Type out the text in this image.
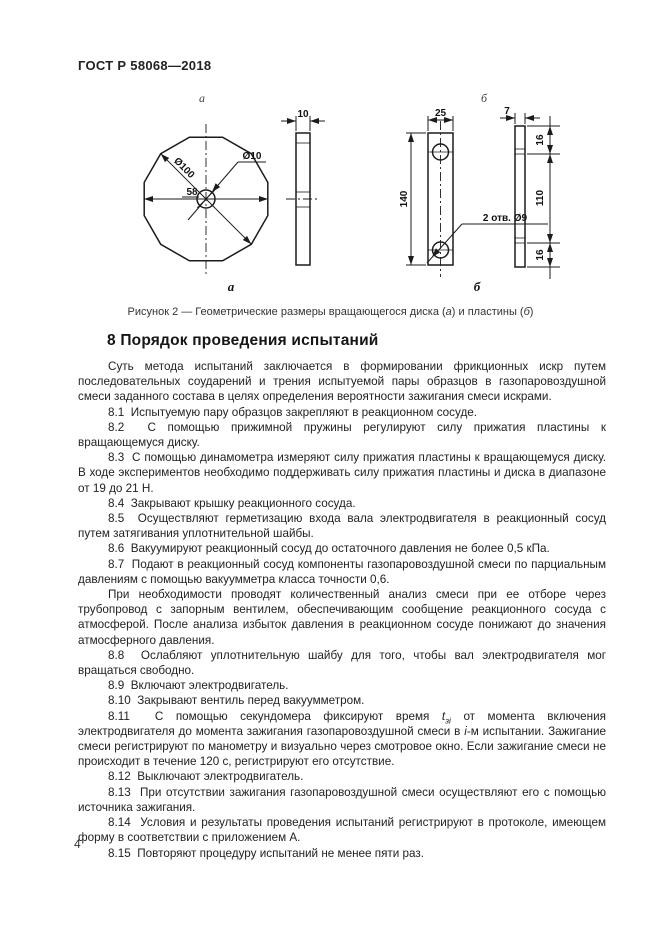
ГОСТ Р 58068—2018
а	б
Ø100	Ø10
58
10	25
140
2 отв. Ø9
7
16
110
16
а	б
Рисунок 2 — Геометрические размеры вращающегося диска (а) и пластины (б)
8 Порядок проведения испытаний

Суть метода испытаний заключается в формировании фрикционных искр путем последовательных соударений и трения испытуемой пары образцов в газопаровоздушной смеси заданного состава в целях определения вероятности зажигания смеси искрами.

8.1  Испытуемую пару образцов закрепляют в реакционном сосуде.

8.2  С помощью прижимной пружины регулируют силу прижатия пластины к вращающемуся диску.

8.3  С помощью динамометра измеряют силу прижатия пластины к вращающемуся диску. В ходе экспериментов необходимо поддерживать силу прижатия пластины и диска в диапазоне от 19 до 21 Н.

8.4  Закрывают крышку реакционного сосуда.

8.5  Осуществляют герметизацию входа вала электродвигателя в реакционный сосуд путем затягивания уплотнительной шайбы.

8.6  Вакуумируют реакционный сосуд до остаточного давления не более 0,5 кПа.

8.7  Подают в реакционный сосуд компоненты газопаровоздушной смеси по парциальным давлениям с помощью вакуумметра класса точности 0,6.

При необходимости проводят количественный анализ смеси при ее отборе через трубопровод с запорным вентилем, обеспечивающим сообщение реакционного сосуда с атмосферой. После анализа избыток давления в реакционном сосуде понижают до значения атмосферного давления.

8.8  Ослабляют уплотнительную шайбу для того, чтобы вал электродвигателя мог вращаться свободно.

8.9  Включают электродвигатель.

8.10  Закрывают вентиль перед вакуумметром.

8.11  С помощью секундомера фиксируют время $t_{зi}$ от момента включения электродвигателя до момента зажигания газопаровоздушной смеси в i-м испытании. Зажигание смеси регистрируют по манометру и визуально через смотровое окно. Если зажигание смеси не происходит в течение 120 с, регистрируют его отсутствие.

8.12  Выключают электродвигатель.

8.13  При отсутствии зажигания газопаровоздушной смеси осуществляют его с помощью источника зажигания.

8.14  Условия и результаты проведения испытаний регистрируют в протоколе, имеющем форму в соответствии с приложением А.

8.15  Повторяют процедуру испытаний не менее пяти раз.

4
